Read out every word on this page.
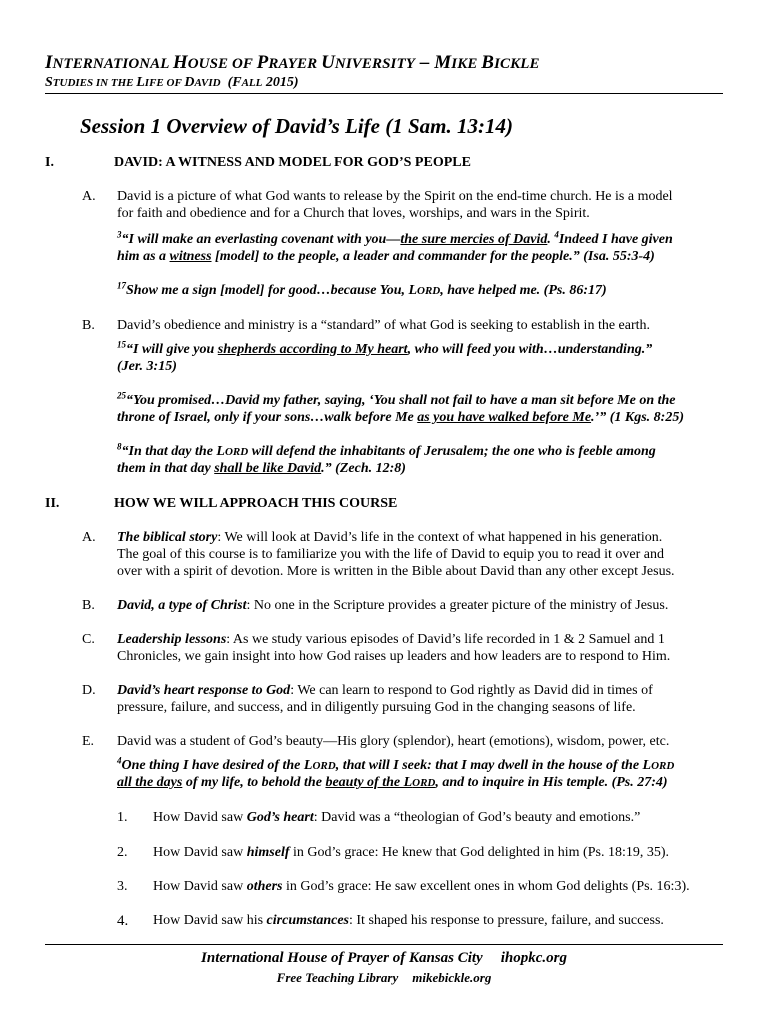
INTERNATIONAL HOUSE OF PRAYER UNIVERSITY – MIKE BICKLE
STUDIES IN THE LIFE OF DAVID  (FALL 2015)
Session 1 Overview of David’s Life (1 Sam. 13:14)
I.	DAVID: A WITNESS AND MODEL FOR GOD’S PEOPLE
A. David is a picture of what God wants to release by the Spirit on the end-time church. He is a model
for faith and obedience and for a Church that loves, worships, and wars in the Spirit.
$^3$“I will make an everlasting covenant with you—the sure mercies of David. $^4$Indeed I have given
him as a witness [model] to the people, a leader and commander for the people.” (Isa. 55:3-4)
$^{17}$Show me a sign [model] for good…because You, LORD, have helped me. (Ps. 86:17)
B. David’s obedience and ministry is a “standard” of what God is seeking to establish in the earth.
$^{15}$“I will give you shepherds according to My heart, who will feed you with…understanding.”
(Jer. 3:15)
$^{25}$“You promised…David my father, saying, ‘You shall not fail to have a man sit before Me on the
throne of Israel, only if your sons…walk before Me as you have walked before Me.’” (1 Kgs. 8:25)
$^8$“In that day the LORD will defend the inhabitants of Jerusalem; the one who is feeble among
them in that day shall be like David.” (Zech. 12:8)
II.	HOW WE WILL APPROACH THIS COURSE
A. The biblical story: We will look at David’s life in the context of what happened in his generation.
The goal of this course is to familiarize you with the life of David to equip you to read it over and
over with a spirit of devotion. More is written in the Bible about David than any other except Jesus.
B. David, a type of Christ: No one in the Scripture provides a greater picture of the ministry of Jesus.
C. Leadership lessons: As we study various episodes of David’s life recorded in 1 & 2 Samuel and 1
Chronicles, we gain insight into how God raises up leaders and how leaders are to respond to Him.
D. David’s heart response to God: We can learn to respond to God rightly as David did in times of
pressure, failure, and success, and in diligently pursuing God in the changing seasons of life.
E. David was a student of God’s beauty—His glory (splendor), heart (emotions), wisdom, power, etc.
$^4$One thing I have desired of the LORD, that will I seek: that I may dwell in the house of the LORD
all the days of my life, to behold the beauty of the LORD, and to inquire in His temple. (Ps. 27:4)
1. How David saw God’s heart: David was a “theologian of God’s beauty and emotions.”
2. How David saw himself in God’s grace: He knew that God delighted in him (Ps. 18:19, 35).
3. How David saw others in God’s grace: He saw excellent ones in whom God delights (Ps. 16:3).
4. How David saw his circumstances: It shaped his response to pressure, failure, and success.
International House of Prayer of Kansas City ihopkc.org
Free Teaching Library mikebickle.org
